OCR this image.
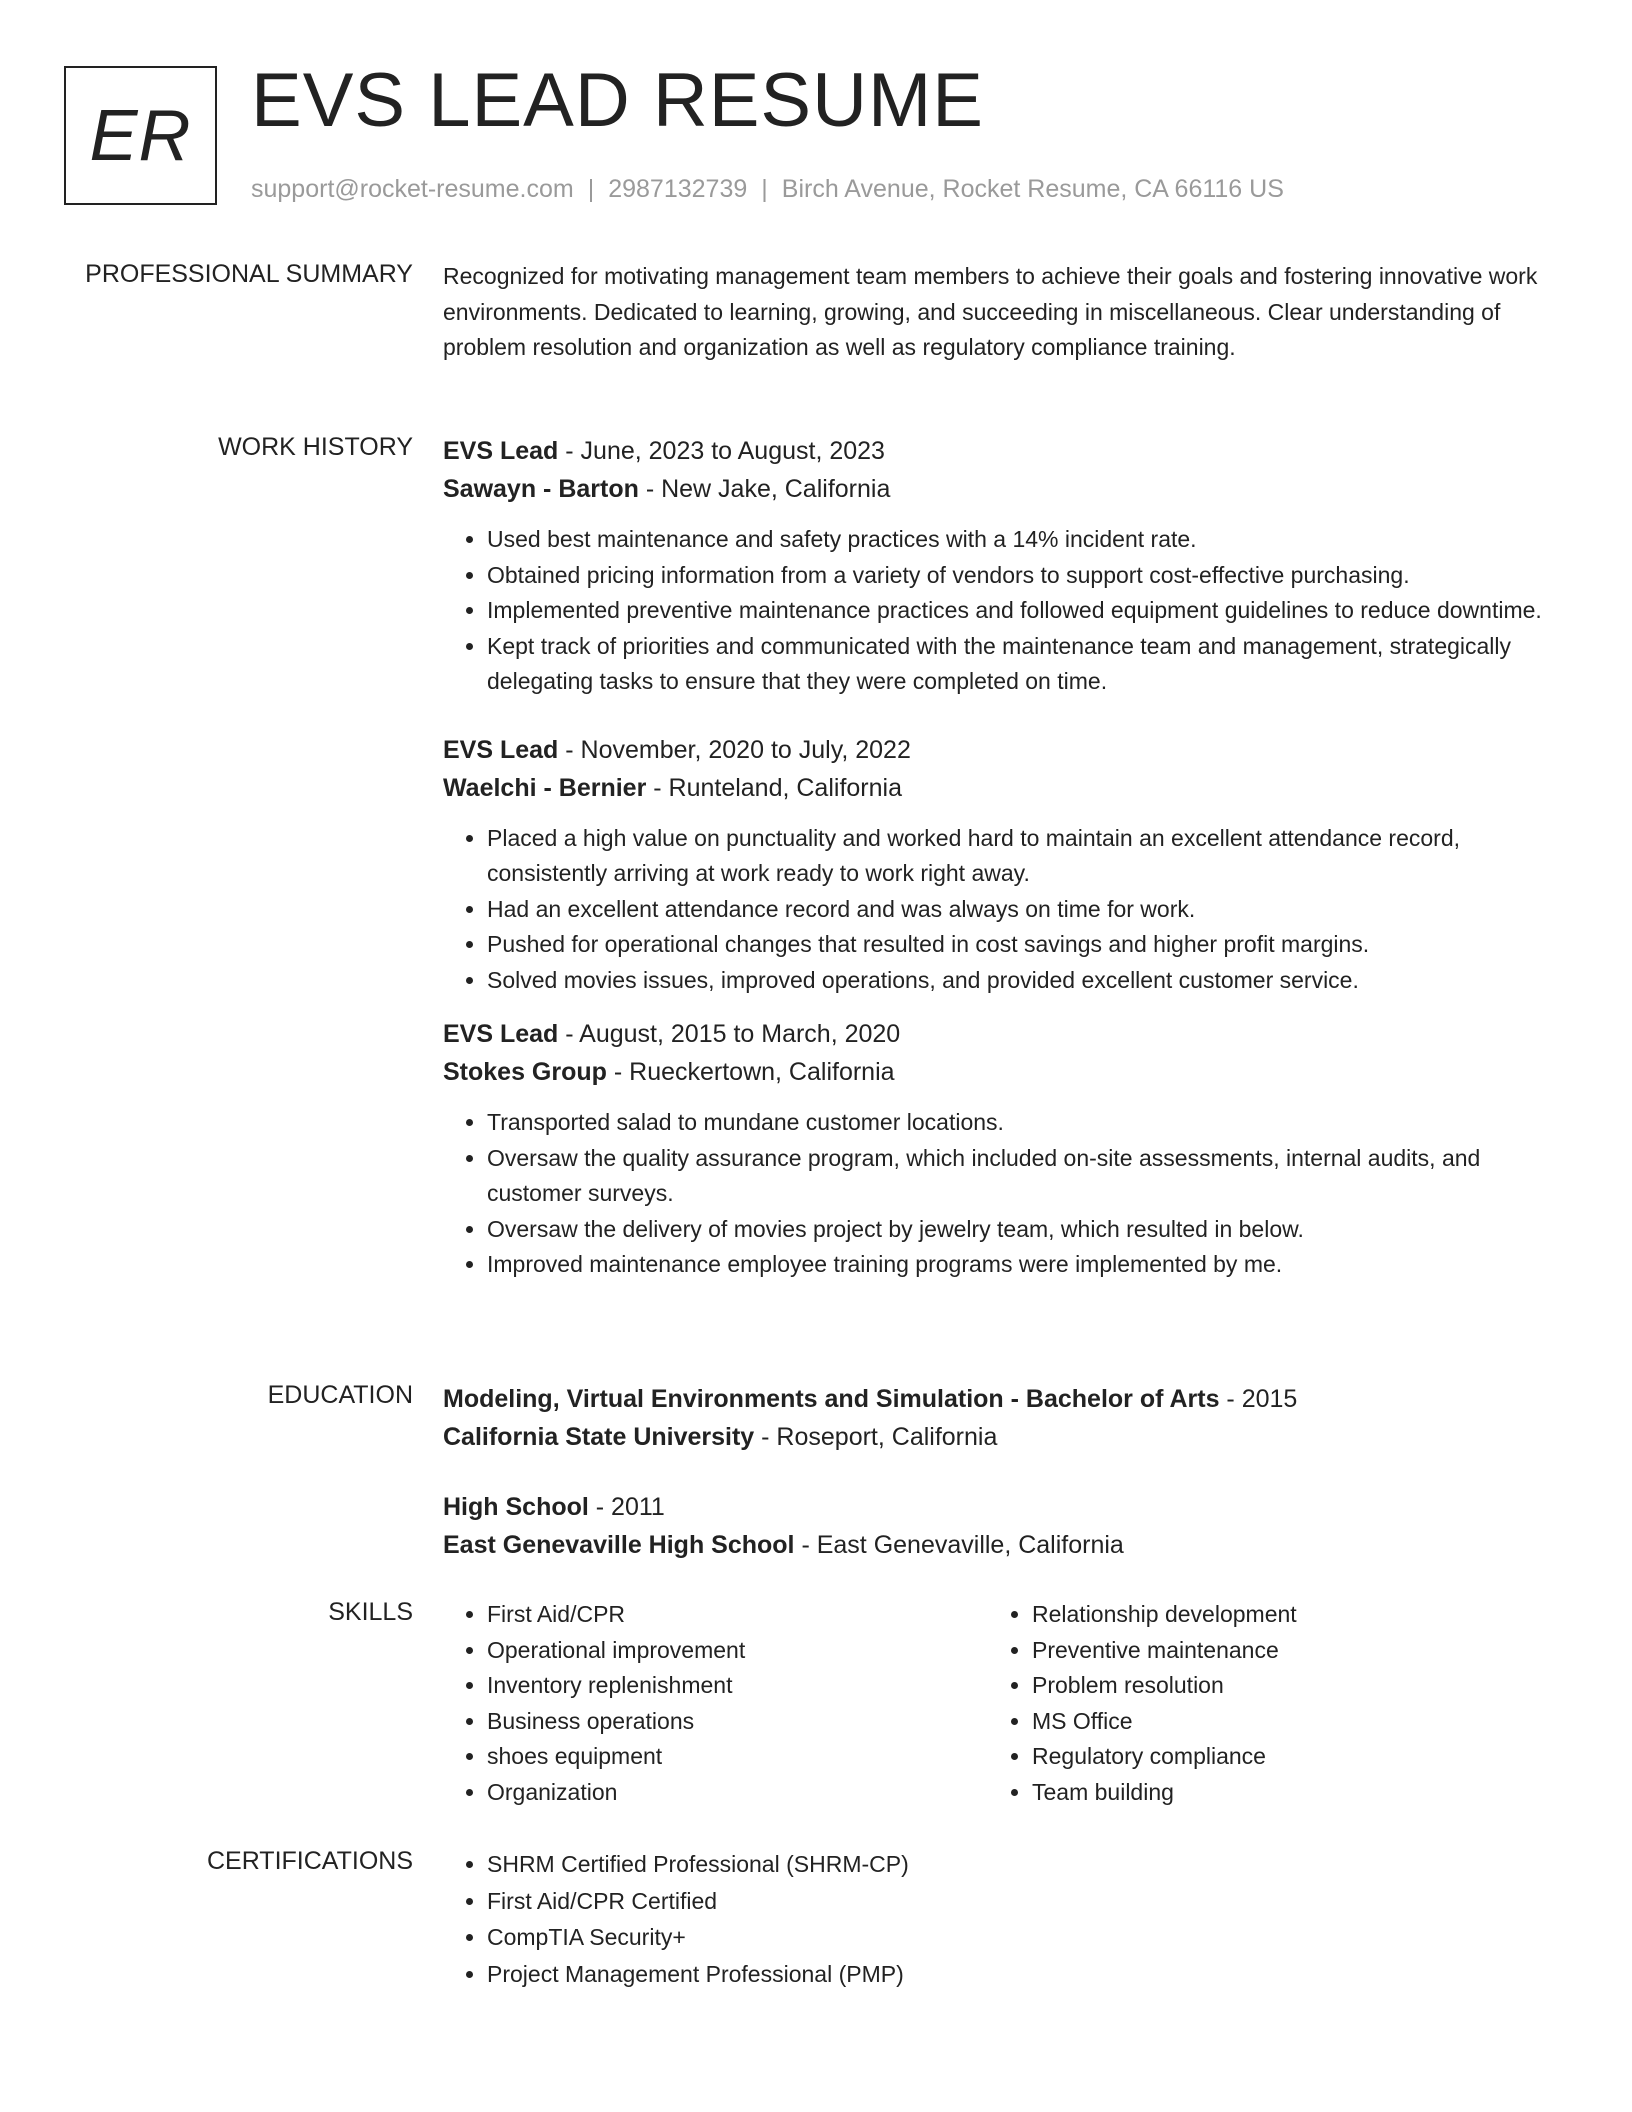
ER EVS LEAD RESUME
support@rocket-resume.com | 2987132739 | Birch Avenue, Rocket Resume, CA 66116 US
PROFESSIONAL SUMMARY Recognized for motivating management team members to achieve their goals and fostering innovative work environments. Dedicated to learning, growing, and succeeding in miscellaneous. Clear understanding of problem resolution and organization as well as regulatory compliance training.

WORK HISTORY EVS Lead - June, 2023 to August, 2023
Sawayn - Barton - New Jake, California
• Used best maintenance and safety practices with a 14% incident rate.
• Obtained pricing information from a variety of vendors to support cost-effective purchasing.
• Implemented preventive maintenance practices and followed equipment guidelines to reduce downtime.
• Kept track of priorities and communicated with the maintenance team and management, strategically delegating tasks to ensure that they were completed on time.
EVS Lead - November, 2020 to July, 2022
Waelchi - Bernier - Runteland, California
• Placed a high value on punctuality and worked hard to maintain an excellent attendance record, consistently arriving at work ready to work right away.
• Had an excellent attendance record and was always on time for work.
• Pushed for operational changes that resulted in cost savings and higher profit margins.
• Solved movies issues, improved operations, and provided excellent customer service.
EVS Lead - August, 2015 to March, 2020
Stokes Group - Rueckertown, California
• Transported salad to mundane customer locations.
• Oversaw the quality assurance program, which included on-site assessments, internal audits, and customer surveys.
• Oversaw the delivery of movies project by jewelry team, which resulted in below.
• Improved maintenance employee training programs were implemented by me.
EDUCATION Modeling, Virtual Environments and Simulation - Bachelor of Arts - 2015
California State University - Roseport, California
High School - 2011
East Genevaville High School - East Genevaville, California
SKILLS	• First Aid/CPR
• Operational improvement
• Inventory replenishment
• Business operations
• shoes equipment
• Organization
• Relationship development
• Preventive maintenance
• Problem resolution
• MS Office
• Regulatory compliance
• Team building
CERTIFICATIONS	• SHRM Certified Professional (SHRM-CP)
• First Aid/CPR Certified
• CompTIA Security+
• Project Management Professional (PMP)
